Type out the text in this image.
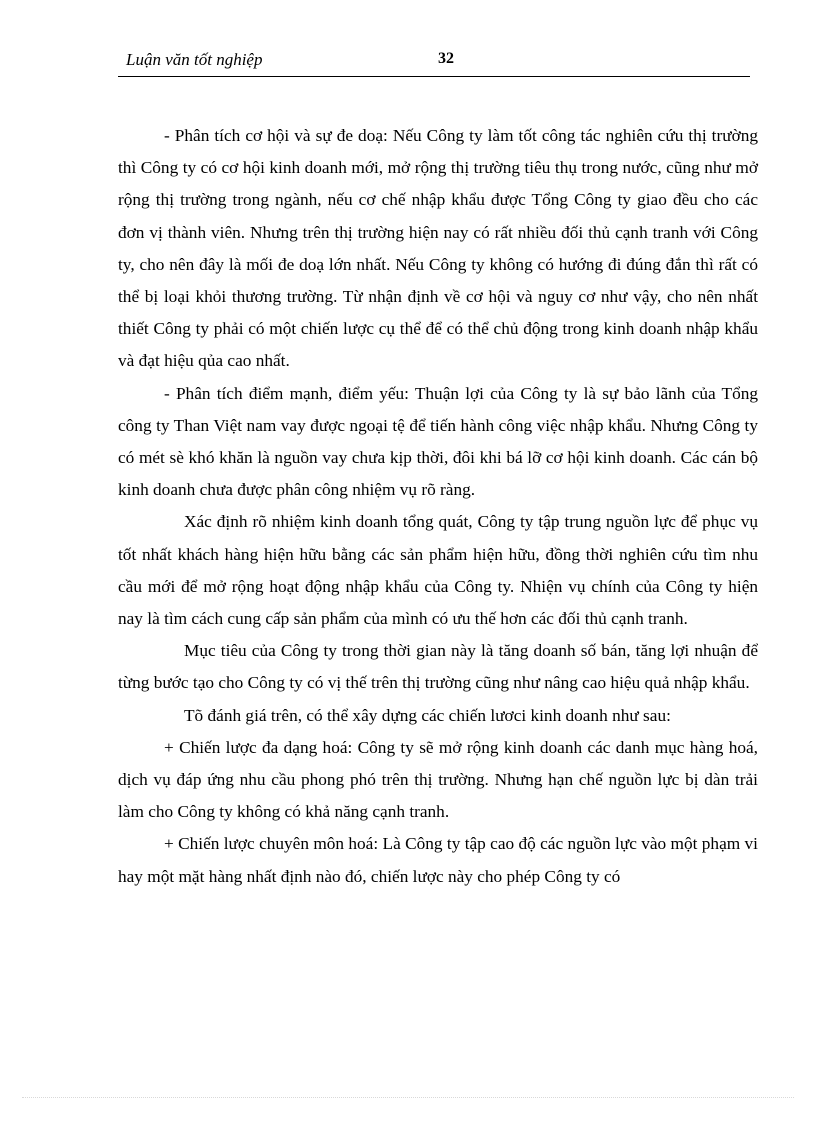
Luận văn tốt nghiệp	32

- Phân tích cơ hội và sự đe doạ: Nếu Công ty làm tốt công tác nghiên cứu thị trường thì Công ty có cơ hội kinh doanh mới, mở rộng thị trường tiêu thụ trong nước, cũng như mở rộng thị trường trong ngành, nếu cơ chế nhập khẩu được Tổng Công ty giao đều cho các đơn vị thành viên. Nhưng trên thị trường hiện nay có rất nhiều đối thủ cạnh tranh với Công ty, cho nên đây là mối đe doạ lớn nhất. Nếu Công ty không có hướng đi đúng đắn thì rất có thể bị loại khỏi thương trường. Từ nhận định về cơ hội và nguy cơ như vậy, cho nên nhất thiết Công ty phải có một chiến lược cụ thể để có thể chủ động trong kinh doanh nhập khẩu và đạt hiệu qủa cao nhất.

- Phân tích điểm mạnh, điểm yếu: Thuận lợi của Công ty là sự bảo lãnh của Tổng công ty Than Việt nam vay được ngoại tệ để tiến hành công việc nhập khẩu. Nhưng Công ty có mét sè khó khăn là nguồn vay chưa kịp thời, đôi khi bá lỡ cơ hội kinh doanh. Các cán bộ kinh doanh chưa được phân công nhiệm vụ rõ ràng.

Xác định rõ nhiệm kinh doanh tổng quát, Công ty tập trung nguồn lực để phục vụ tốt nhất khách hàng hiện hữu bằng các sản phẩm hiện hữu, đồng thời nghiên cứu tìm nhu cầu mới để mở rộng hoạt động nhập khẩu của Công ty. Nhiện vụ chính của Công ty hiện nay là tìm cách cung cấp sản phẩm của mình có ưu thế hơn các đối thủ cạnh tranh.

Mục tiêu của Công ty trong thời gian này là tăng doanh số bán, tăng lợi nhuận để từng bước tạo cho Công ty có vị thế trên thị trường cũng như nâng cao hiệu quả nhập khẩu.

Tõ đánh giá trên, có thể xây dựng các chiến lươci kinh doanh như sau:

+ Chiến lược đa dạng hoá: Công ty sẽ mở rộng kinh doanh các danh mục hàng hoá, dịch vụ đáp ứng nhu cầu phong phó trên thị trường. Nhưng hạn chế nguồn lực bị dàn trải làm cho Công ty không có khả năng cạnh tranh.

+ Chiến lược chuyên môn hoá: Là Công ty tập cao độ các nguồn lực vào một phạm vi hay một mặt hàng nhất định nào đó, chiến lược này cho phép Công ty có
